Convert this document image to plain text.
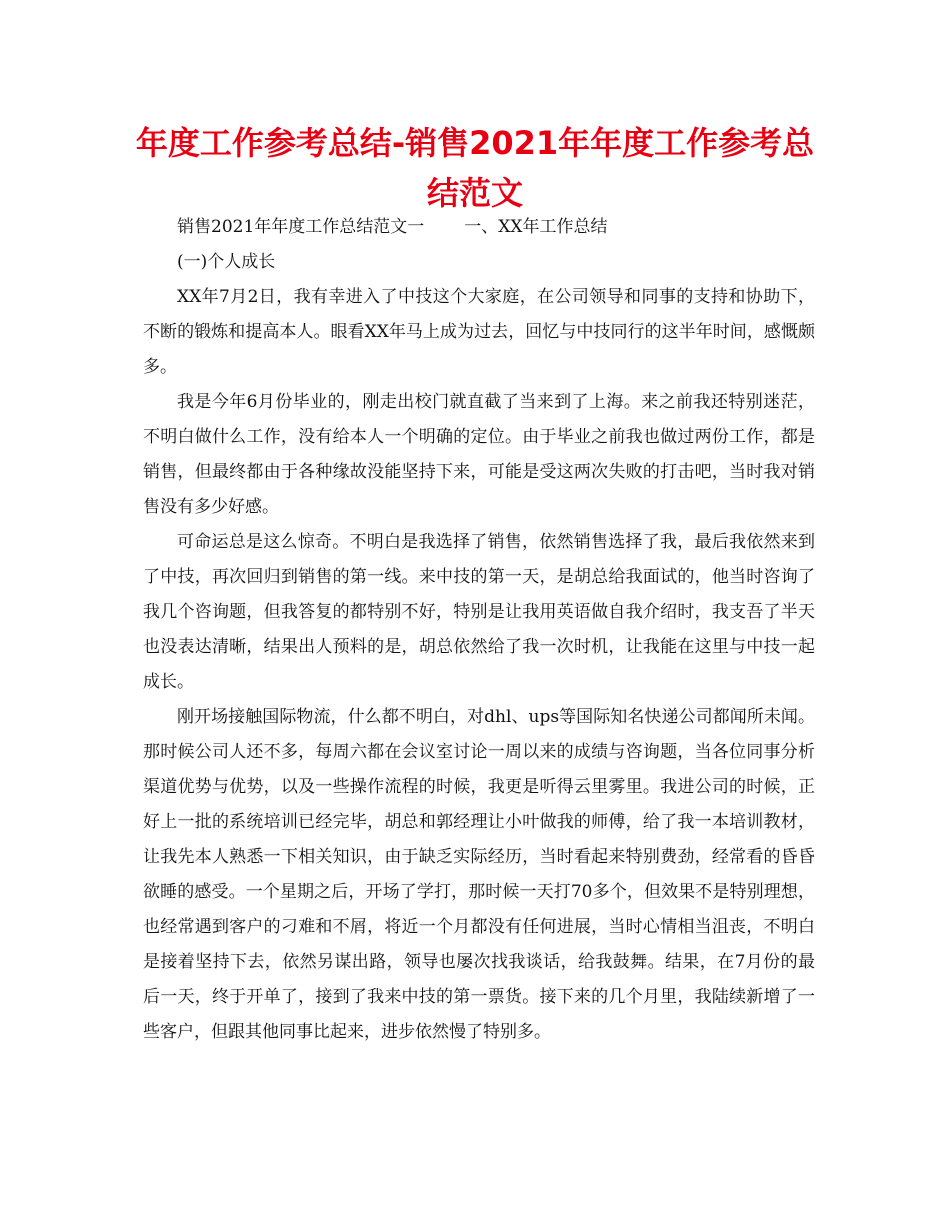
年度工作参考总结-销售2021年年度工作参考总结范文

销售2021年年度工作总结范文一 一、XX年工作总结

(一)个人成长

XX年7月2日，我有幸进入了中技这个大家庭，在公司领导和同事的支持和协助下，不断的锻炼和提高本人。眼看XX年马上成为过去，回忆与中技同行的这半年时间，感慨颇多。

我是今年6月份毕业的，刚走出校门就直截了当来到了上海。来之前我还特别迷茫，不明白做什么工作，没有给本人一个明确的定位。由于毕业之前我也做过两份工作，都是销售，但最终都由于各种缘故没能坚持下来，可能是受这两次失败的打击吧，当时我对销售没有多少好感。

可命运总是这么惊奇。不明白是我选择了销售，依然销售选择了我，最后我依然来到了中技，再次回归到销售的第一线。来中技的第一天，是胡总给我面试的，他当时咨询了我几个咨询题，但我答复的都特别不好，特别是让我用英语做自我介绍时，我支吾了半天也没表达清晰，结果出人预料的是，胡总依然给了我一次时机，让我能在这里与中技一起成长。

刚开场接触国际物流，什么都不明白，对dhl、ups等国际知名快递公司都闻所未闻。那时候公司人还不多，每周六都在会议室讨论一周以来的成绩与咨询题，当各位同事分析渠道优势与优势，以及一些操作流程的时候，我更是听得云里雾里。我进公司的时候，正好上一批的系统培训已经完毕，胡总和郭经理让小叶做我的师傅，给了我一本培训教材，让我先本人熟悉一下相关知识，由于缺乏实际经历，当时看起来特别费劲，经常看的昏昏欲睡的感受。一个星期之后，开场了学打，那时候一天打70多个，但效果不是特别理想，也经常遇到客户的刁难和不屑，将近一个月都没有任何进展，当时心情相当沮丧，不明白是接着坚持下去，依然另谋出路，领导也屡次找我谈话，给我鼓舞。结果，在7月份的最后一天，终于开单了，接到了我来中技的第一票货。接下来的几个月里，我陆续新增了一些客户，但跟其他同事比起来，进步依然慢了特别多。
